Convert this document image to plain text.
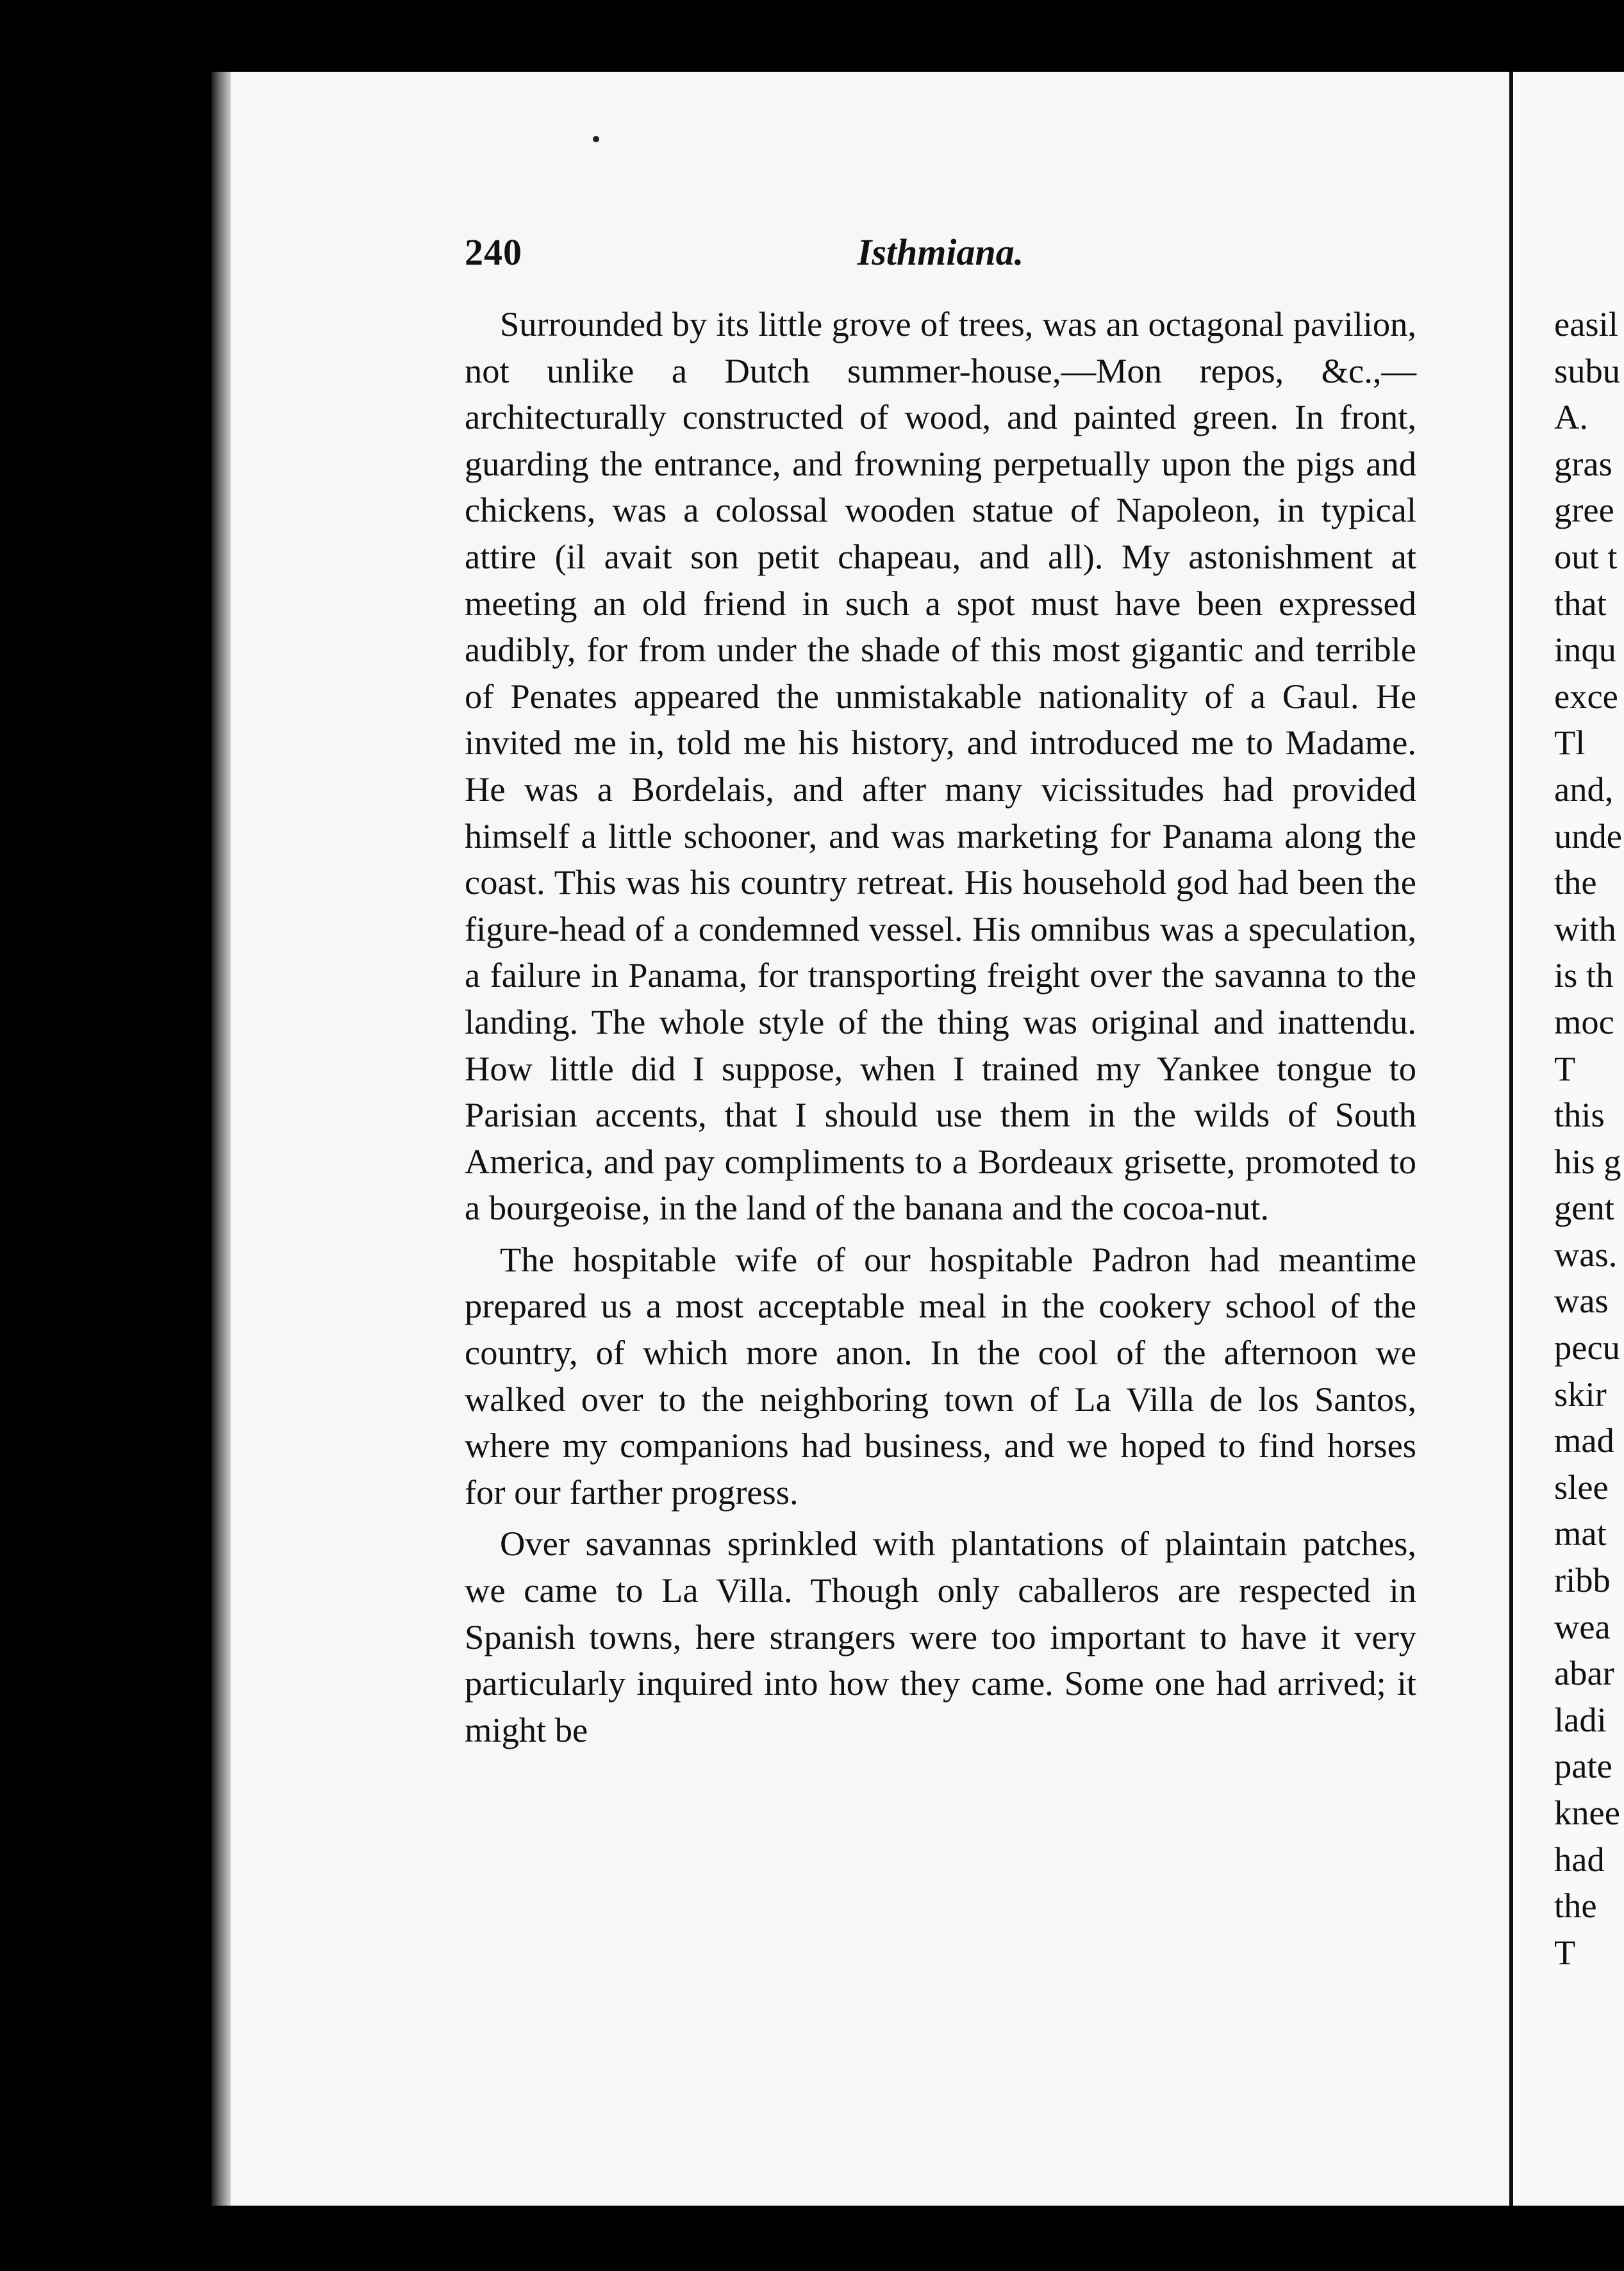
240	Isthmiana.

Surrounded by its little grove of trees, was an octagonal pavilion, not unlike a Dutch summer-house,—Mon repos, &c.,—architecturally constructed of wood, and painted green. In front, guarding the entrance, and frowning perpetually upon the pigs and chickens, was a colossal wooden statue of Napoleon, in typical attire (il avait son petit chapeau, and all). My astonishment at meeting an old friend in such a spot must have been expressed audibly, for from under the shade of this most gigantic and terrible of Penates appeared the unmistakable nationality of a Gaul. He invited me in, told me his history, and introduced me to Madame. He was a Bordelais, and after many vicissitudes had provided himself a little schooner, and was marketing for Panama along the coast. This was his country retreat. His household god had been the figure-head of a condemned vessel. His omnibus was a speculation, a failure in Panama, for transporting freight over the savanna to the landing. The whole style of the thing was original and inattendu. How little did I suppose, when I trained my Yankee tongue to Parisian accents, that I should use them in the wilds of South America, and pay compliments to a Bordeaux grisette, promoted to a bourgeoise, in the land of the banana and the cocoa-nut.

The hospitable wife of our hospitable Padron had meantime prepared us a most acceptable meal in the cookery school of the country, of which more anon. In the cool of the afternoon we walked over to the neighboring town of La Villa de los Santos, where my companions had business, and we hoped to find horses for our farther progress.

Over savannas sprinkled with plantations of plaintain patches, we came to La Villa. Though only caballeros are respected in Spanish towns, here strangers were too important to have it very particularly inquired into how they came. Some one had arrived; it might be

easil
subu
A.
gras
gree
out t
that
inqu
exce
Tl
and,
unde
the
with
is th
moc
T
this
his g
gent
was.
was
pecu
skir
mad
slee
mat
ribb
wea
abar
ladi
pate
knee
had
the
T
